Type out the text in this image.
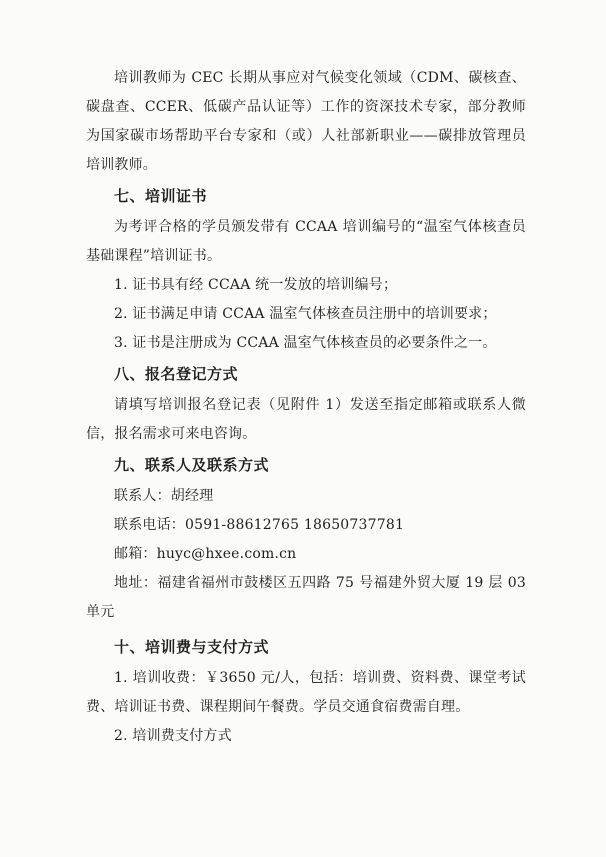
培训教师为 CEC 长期从事应对气候变化领域（CDM、碳核查、碳盘查、CCER、低碳产品认证等）工作的资深技术专家，部分教师为国家碳市场帮助平台专家和（或）人社部新职业——碳排放管理员培训教师。

七、培训证书

为考评合格的学员颁发带有 CCAA 培训编号的“温室气体核查员基础课程”培训证书。

1. 证书具有经 CCAA 统一发放的培训编号；

2. 证书满足申请 CCAA 温室气体核查员注册中的培训要求；

3. 证书是注册成为 CCAA 温室气体核查员的必要条件之一。

八、报名登记方式

请填写培训报名登记表（见附件 1）发送至指定邮箱或联系人微信，报名需求可来电咨询。

九、联系人及联系方式

联系人：胡经理

联系电话：0591-88612765 18650737781

邮箱：huyc@hxee.com.cn

地址：福建省福州市鼓楼区五四路 75 号福建外贸大厦 19 层 03 单元

十、培训费与支付方式

1. 培训收费：￥3650 元/人，包括：培训费、资料费、课堂考试费、培训证书费、课程期间午餐费。学员交通食宿费需自理。

2. 培训费支付方式
